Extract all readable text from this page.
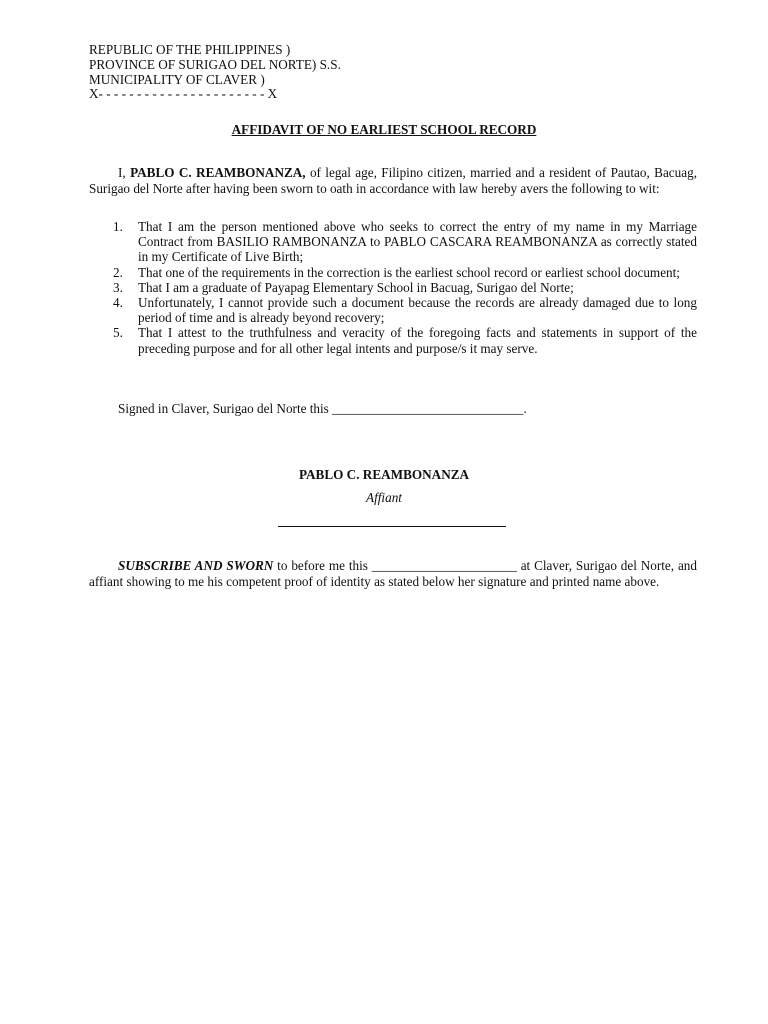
REPUBLIC OF THE PHILIPPINES )
PROVINCE OF SURIGAO DEL NORTE) S.S.
MUNICIPALITY OF CLAVER )
X- - - - - - - - - - - - - - - - - - - - - - X
AFFIDAVIT OF NO EARLIEST SCHOOL RECORD
I, PABLO C. REAMBONANZA, of legal age, Filipino citizen, married and a resident of Pautao, Bacuag, Surigao del Norte after having been sworn to oath in accordance with law hereby avers the following to wit:
1. That I am the person mentioned above who seeks to correct the entry of my name in my Marriage Contract from BASILIO RAMBONANZA to PABLO CASCARA REAMBONANZA as correctly stated in my Certificate of Live Birth;
2. That one of the requirements in the correction is the earliest school record or earliest school document;
3. That I am a graduate of Payapag Elementary School in Bacuag, Surigao del Norte;
4. Unfortunately, I cannot provide such a document because the records are already damaged due to long period of time and is already beyond recovery;
5. That I attest to the truthfulness and veracity of the foregoing facts and statements in support of the preceding purpose and for all other legal intents and purpose/s it may serve.
Signed in Claver, Surigao del Norte this _____________________________.
PABLO C. REAMBONANZA
Affiant
SUBSCRIBE AND SWORN to before me this ______________________ at Claver, Surigao del Norte, and affiant showing to me his competent proof of identity as stated below her signature and printed name above.
